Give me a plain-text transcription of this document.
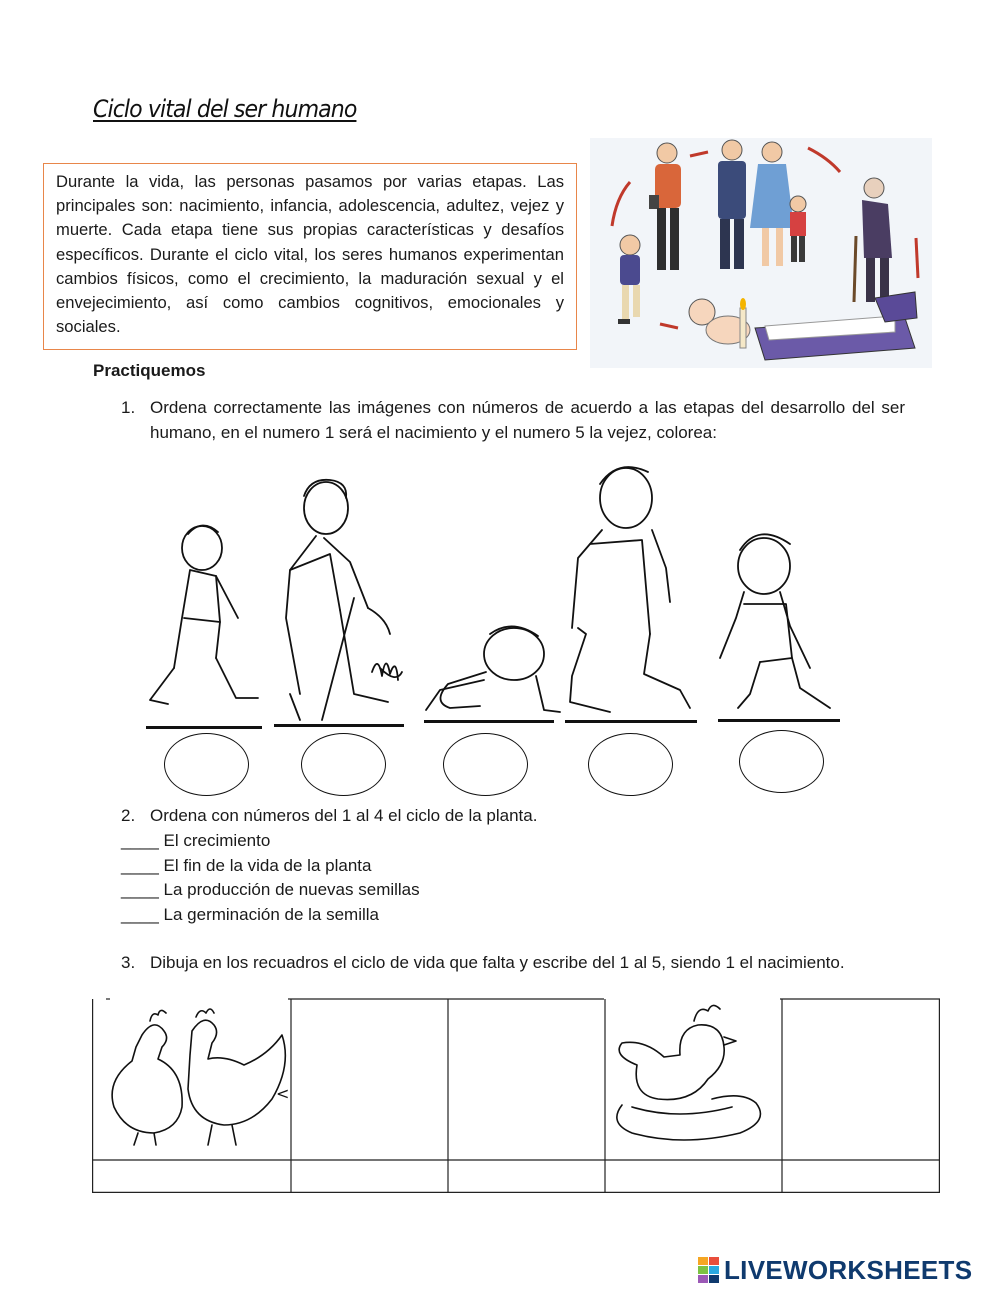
Ciclo vital del ser humano

Durante la vida, las personas pasamos por varias etapas. Las principales son: nacimiento, infancia, adolescencia, adultez, vejez y muerte. Cada etapa tiene sus propias características y desafíos específicos. Durante el ciclo vital, los seres humanos experimentan cambios físicos, como el crecimiento, la maduración sexual y el envejecimiento, así como cambios cognitivos, emocionales y sociales.

Practiquemos
1. Ordena correctamente las imágenes con números de acuerdo a las etapas del desarrollo del ser humano, en el numero 1 será el nacimiento y el numero 5 la vejez, colorea:
2. Ordena con números del 1 al 4 el ciclo de la planta.
____ El crecimiento
____ El fin de la vida de la planta
____ La producción de nuevas semillas
____ La germinación de la semilla
3. Dibuja en los recuadros el ciclo de vida que falta y escribe del 1 al 5, siendo 1 el nacimiento.
<
LIVEWORKSHEETS
